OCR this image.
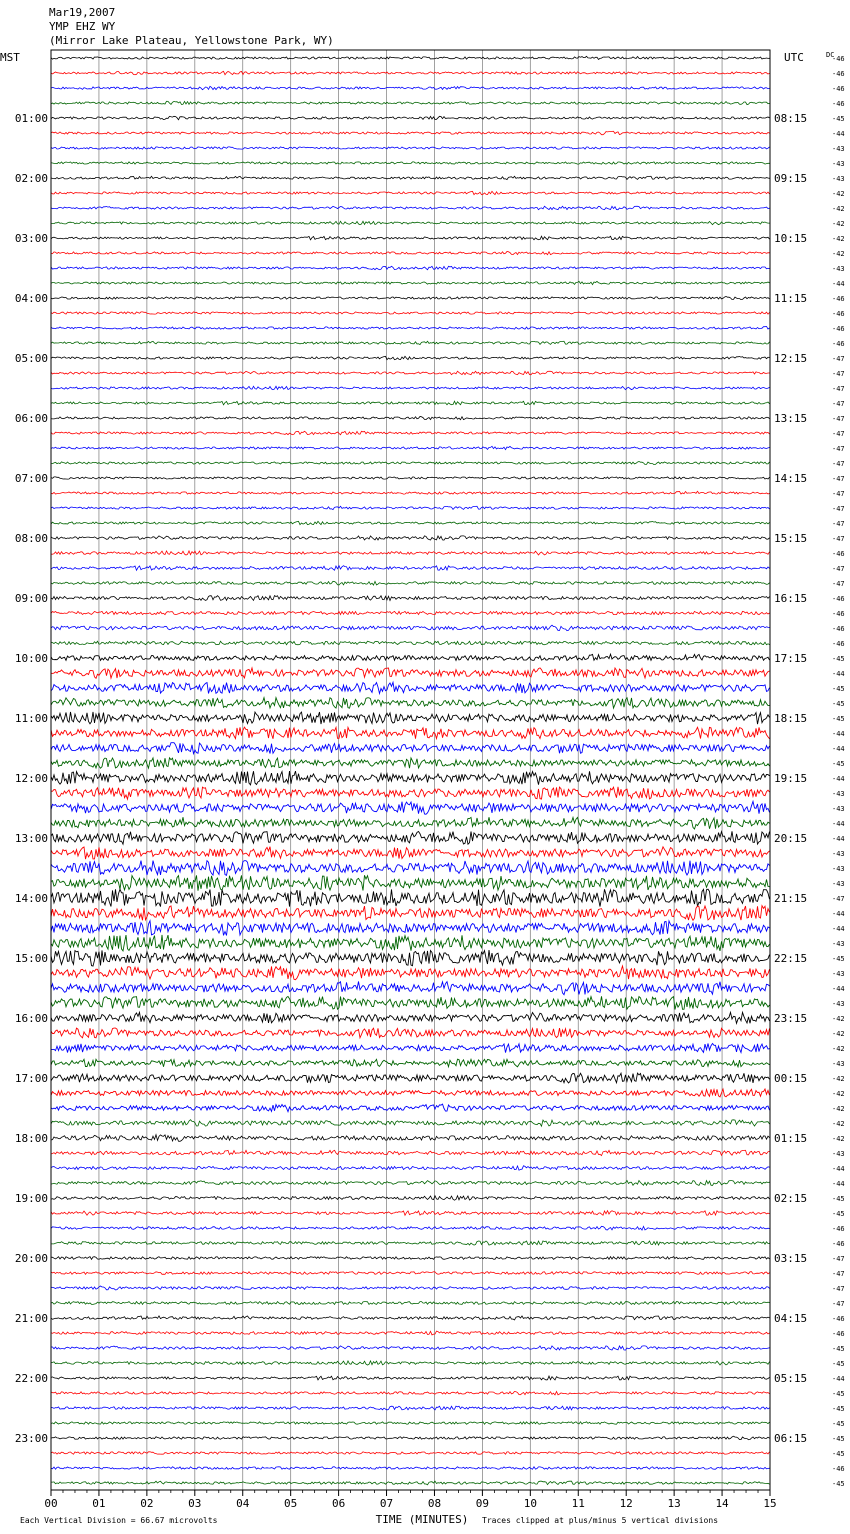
Mar19,2007
YMP EHZ WY
(Mirror Lake Plateau, Yellowstone Park, WY)
MST	UTC	DC
01:00
02:00
03:00
04:00
05:00
06:00
07:00
08:00
09:00
10:00
11:00
12:00
13:00
14:00
15:00
16:00
17:00
18:00
19:00
20:00
21:00
22:00
23:00
08:15
09:15
10:15
11:15
12:15
13:15
14:15
15:15
16:15
17:15
18:15
19:15
20:15
21:15
22:15
23:15
00:15
01:15
02:15
03:15
04:15
05:15
06:15
-46
-46
-46
-46
-45
-44
-43
-43
-43
-42
-42
-42
-42
-42
-43
-44
-46
-46
-46
-46
-47
-47
-47
-47
-47
-47
-47
-47
-47
-47
-47
-47
-47
-46
-47
-47
-46
-46
-46
-46
-45
-44
-45
-45
-45
-44
-44
-45
-44
-43
-43
-44
-44
-43
-43
-43
-47
-44
-44
-43
-45
-43
-44
-43
-42
-42
-42
-43
-42
-42
-42
-42
-42
-43
-44
-44
-45
-45
-46
-46
-47
-47
-47
-47
-46
-46
-45
-45
-44
-45
-45
-45
-45
-45
-46
-45
00	01	02	03	04	05	06	07	08	09	10	11	12	13	14	15
TIME (MINUTES)
Each Vertical Division = 66.67 microvolts	Traces clipped at plus/minus 5 vertical divisions
